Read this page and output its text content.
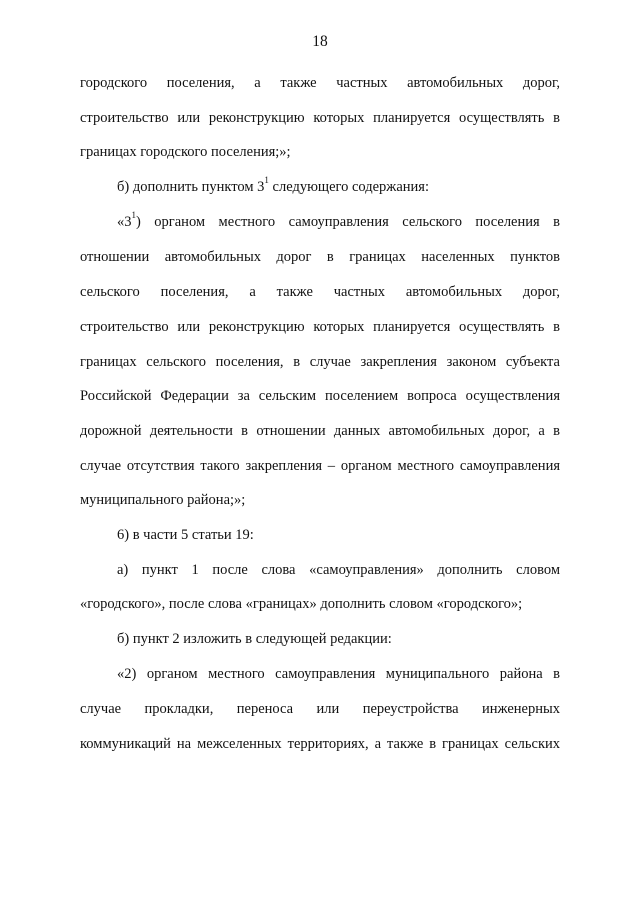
18
городского поселения, а также частных автомобильных дорог,
строительство или реконструкцию которых планируется осуществлять в
границах городского поселения;»;
б) дополнить пунктом $3^1$ следующего содержания:
«$3^1$) органом местного самоуправления сельского поселения в
отношении автомобильных дорог в границах населенных пунктов
сельского поселения, а также частных автомобильных дорог,
строительство или реконструкцию которых планируется осуществлять в
границах сельского поселения, в случае закрепления законом субъекта
Российской Федерации за сельским поселением вопроса осуществления
дорожной деятельности в отношении данных автомобильных дорог, а в
случае отсутствия такого закрепления – органом местного самоуправления
муниципального района;»;
6) в части 5 статьи 19:
а) пункт 1 после слова «самоуправления» дополнить словом
«городского», после слова «границах» дополнить словом «городского»;
б) пункт 2 изложить в следующей редакции:
«2) органом местного самоуправления муниципального района в
случае прокладки, переноса или переустройства инженерных
коммуникаций на межселенных территориях, а также в границах сельских
